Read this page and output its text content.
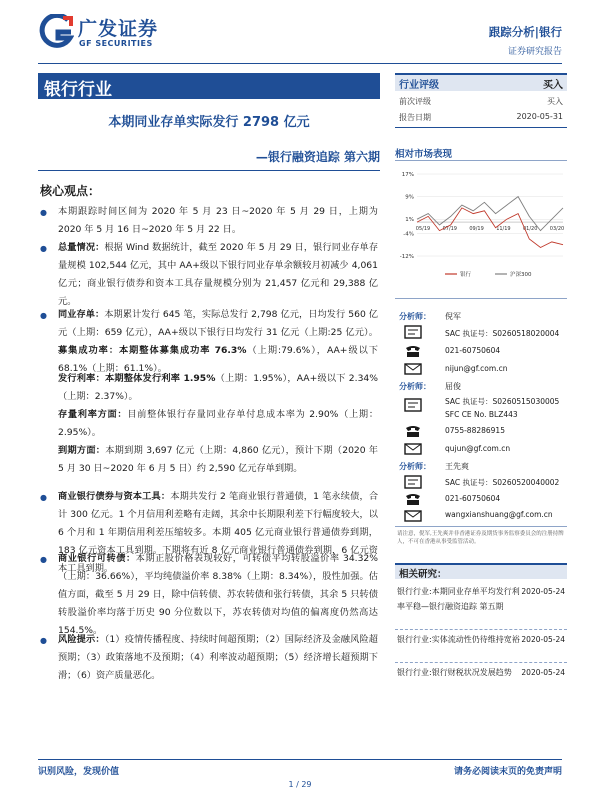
广发证券
GF SECURITIES
跟踪分析|银行
证券研究报告
银行行业
本期同业存单实际发行 2798 亿元
—银行融资追踪 第六期
行业评级	买入
前次评级	买入
报告日期	2020-05-31
相对市场表现
17%
9%
1%
-4%
-12%
05/19 07/19 09/19 11/19 01/20 03/20
银行	沪深300
分析师： 倪军
SAC 执证号：S0260518020004
021-60750604
nijun@gf.com.cn
分析师： 屈俊
SAC 执证号：S0260515030005
SFC CE No. BLZ443
0755-88286915
qujun@gf.com.cn
分析师： 王先爽
SAC 执证号：S0260520040002
021-60750604
wangxianshuang@gf.com.cn
请注意，倪军,王先爽并非香港证券及期货事务监察委员会的注册持牌人，不可在香港从事受监管活动。
相关研究：
银行行业:本期同业存单平均发行利率平稳—银行融资追踪 第五期
2020-05-24
银行行业:实体流动性仍待维持宽裕 2020-05-24
银行行业:银行财税状况发展趋势	2020-05-24
核心观点：
● 本期跟踪时间区间为 2020 年 5 月 23 日~2020 年 5 月 29 日，上期为 2020 年 5 月 16 日~2020 年 5 月 22 日。
● 总量情况：根据 Wind 数据统计，截至 2020 年 5 月 29 日，银行同业存单存量规模 102,544 亿元，其中 AA+级以下银行同业存单余额较月初减少 4,061 亿元；商业银行债券和资本工具存量规模分别为 21,457 亿元和 29,388 亿元。
● 同业存单：本期累计发行 645 笔，实际总发行 2,798 亿元，日均发行 560 亿元（上期：659 亿元），AA+级以下银行日均发行 31 亿元（上期:25 亿元）。募集成功率：本期整体募集成功率 76.3%（上期:79.6%），AA+级以下 68.1%（上期：61.1%）。
发行利率：本期整体发行利率 1.95%（上期：1.95%），AA+级以下 2.34%（上期：2.37%）。
存量利率方面：目前整体银行存量同业存单付息成本率为 2.90%（上期：2.95%）。
到期方面：本期到期 3,697 亿元（上期：4,860 亿元），预计下期（2020 年 5 月 30 日~2020 年 6 月 5 日）约 2,590 亿元存单到期。
● 商业银行债券与资本工具：本期共发行 2 笔商业银行普通债，1 笔永续债，合计 300 亿元。1 个月信用利差略有走阔，其余中长期限利差下行幅度较大，以 6 个月和 1 年期信用利差压缩较多。本期 405 亿元商业银行普通债券到期，183 亿元资本工具到期。下期将有近 8 亿元商业银行普通债券到期，6 亿元资本工具到期。
● 商业银行可转债：本期正股价格表现较好，可转债平均转股溢价率 34.32%（上期：36.66%），平均纯债溢价率 8.38%（上期：8.34%），股性加强。估值方面，截至 5 月 29 日，除中信转债、苏农转债和张行转债，其余 5 只转债转股溢价率均落于历史 90 分位数以下，苏农转债对均值的偏离度仍然高达 154.5%。
● 风险提示：（1）疫情传播程度、持续时间超预期；（2）国际经济及金融风险超预期；（3）政策落地不及预期；（4）利率波动超预期；（5）经济增长超预期下滑；（6）资产质量恶化。
识别风险，发现价值	请务必阅读末页的免责声明
1 / 29
